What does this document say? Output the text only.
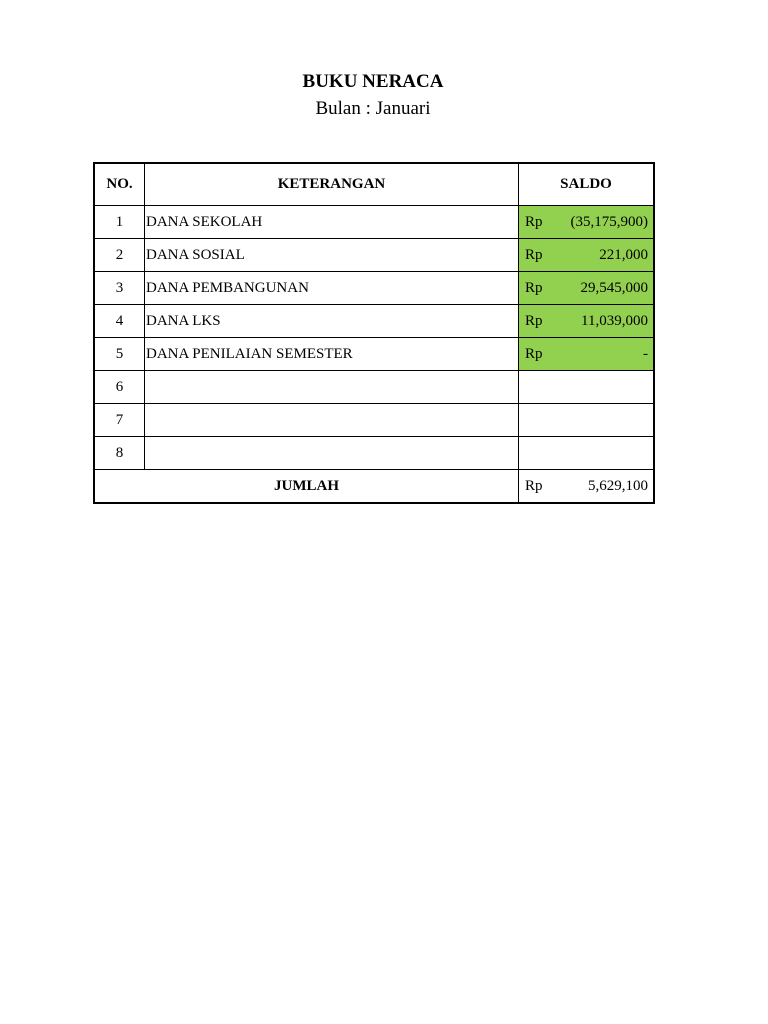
BUKU NERACA
Bulan : Januari
NO.	KETERANGAN	SALDO
1	DANA SEKOLAH	Rp (35,175,900)

2	DANA SOSIAL	Rp 221,000

3	DANA PEMBANGUNAN	Rp 29,545,000

4	DANA LKS	Rp 11,039,000

5	DANA PENILAIAN SEMESTER	Rp -

6		

7		

8		

JUMLAH		Rp 5,629,100
